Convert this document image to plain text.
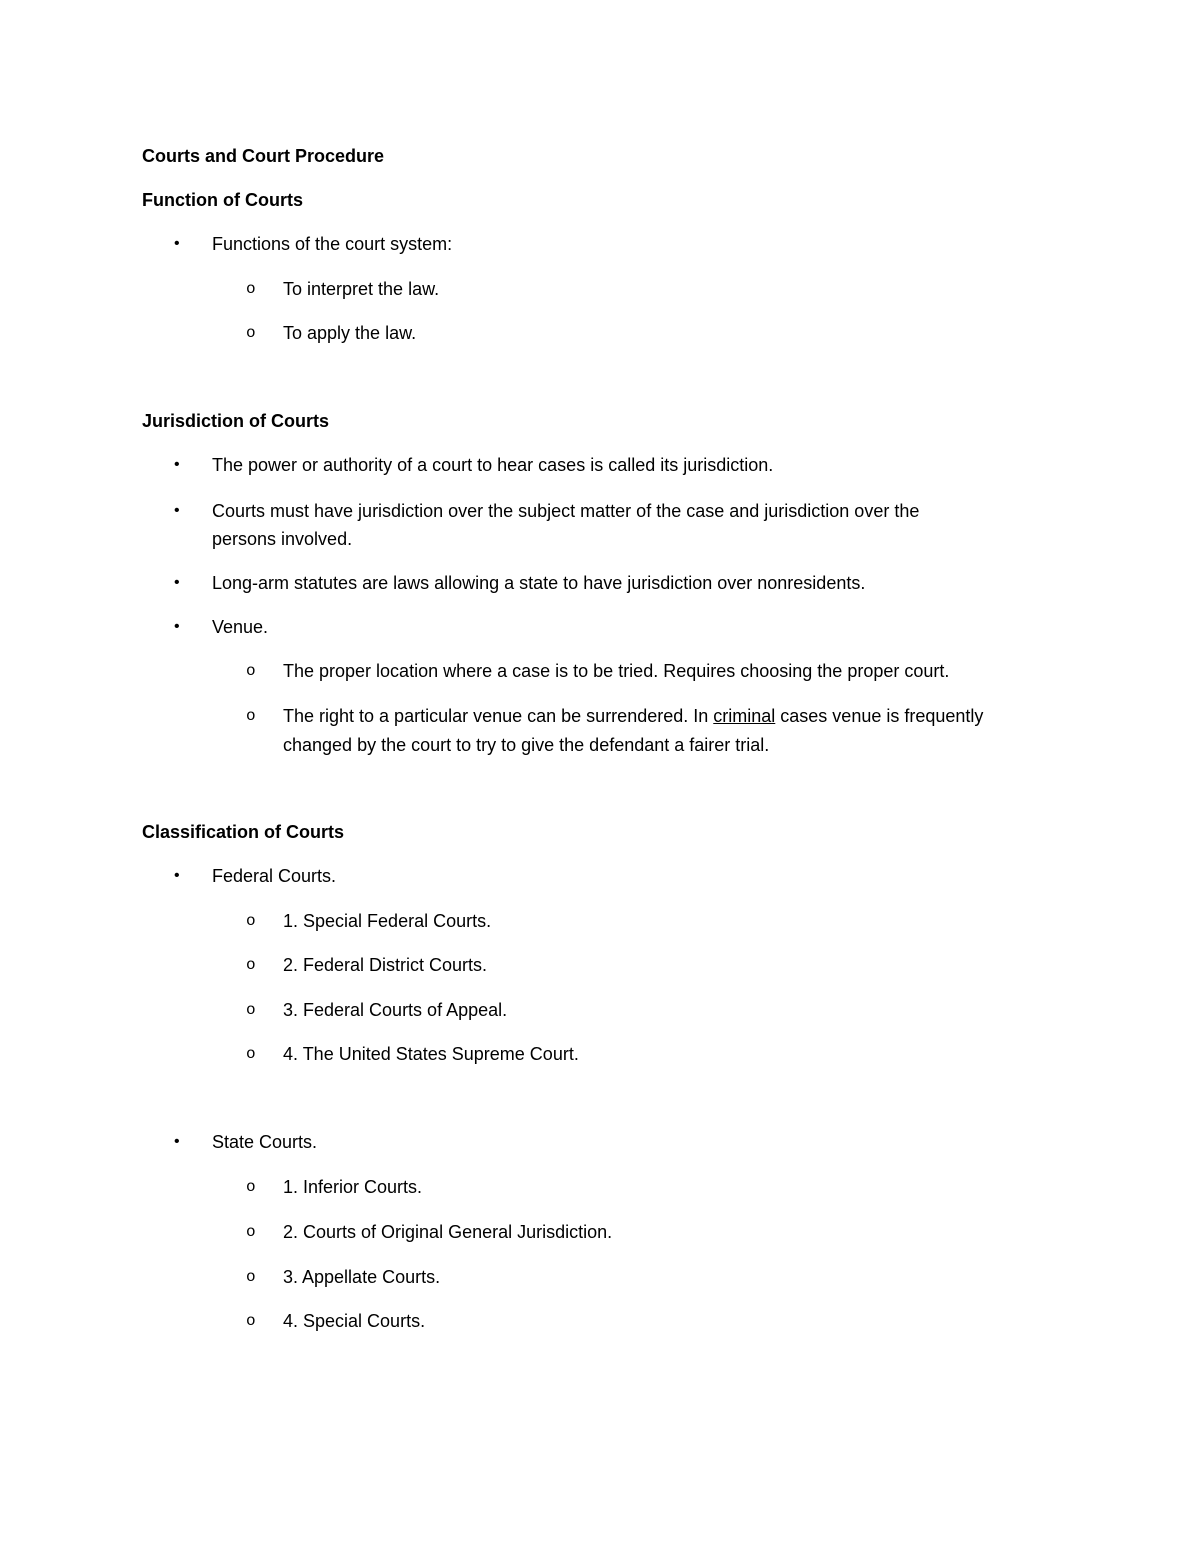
Courts and Court Procedure
Function of Courts
• Functions of the court system:
o To interpret the law.
o To apply the law.
Jurisdiction of Courts
• The power or authority of a court to hear cases is called its jurisdiction.
• Courts must have jurisdiction over the subject matter of the case and jurisdiction over the
persons involved.
• Long-arm statutes are laws allowing a state to have jurisdiction over nonresidents.
• Venue.
o The proper location where a case is to be tried. Requires choosing the proper court.
o The right to a particular venue can be surrendered. In criminal cases venue is frequently
changed by the court to try to give the defendant a fairer trial.
Classification of Courts
• Federal Courts.
o 1. Special Federal Courts.
o 2. Federal District Courts.
o 3. Federal Courts of Appeal.
o 4. The United States Supreme Court.
• State Courts.
o 1. Inferior Courts.
o 2. Courts of Original General Jurisdiction.
o 3. Appellate Courts.
o 4. Special Courts.
